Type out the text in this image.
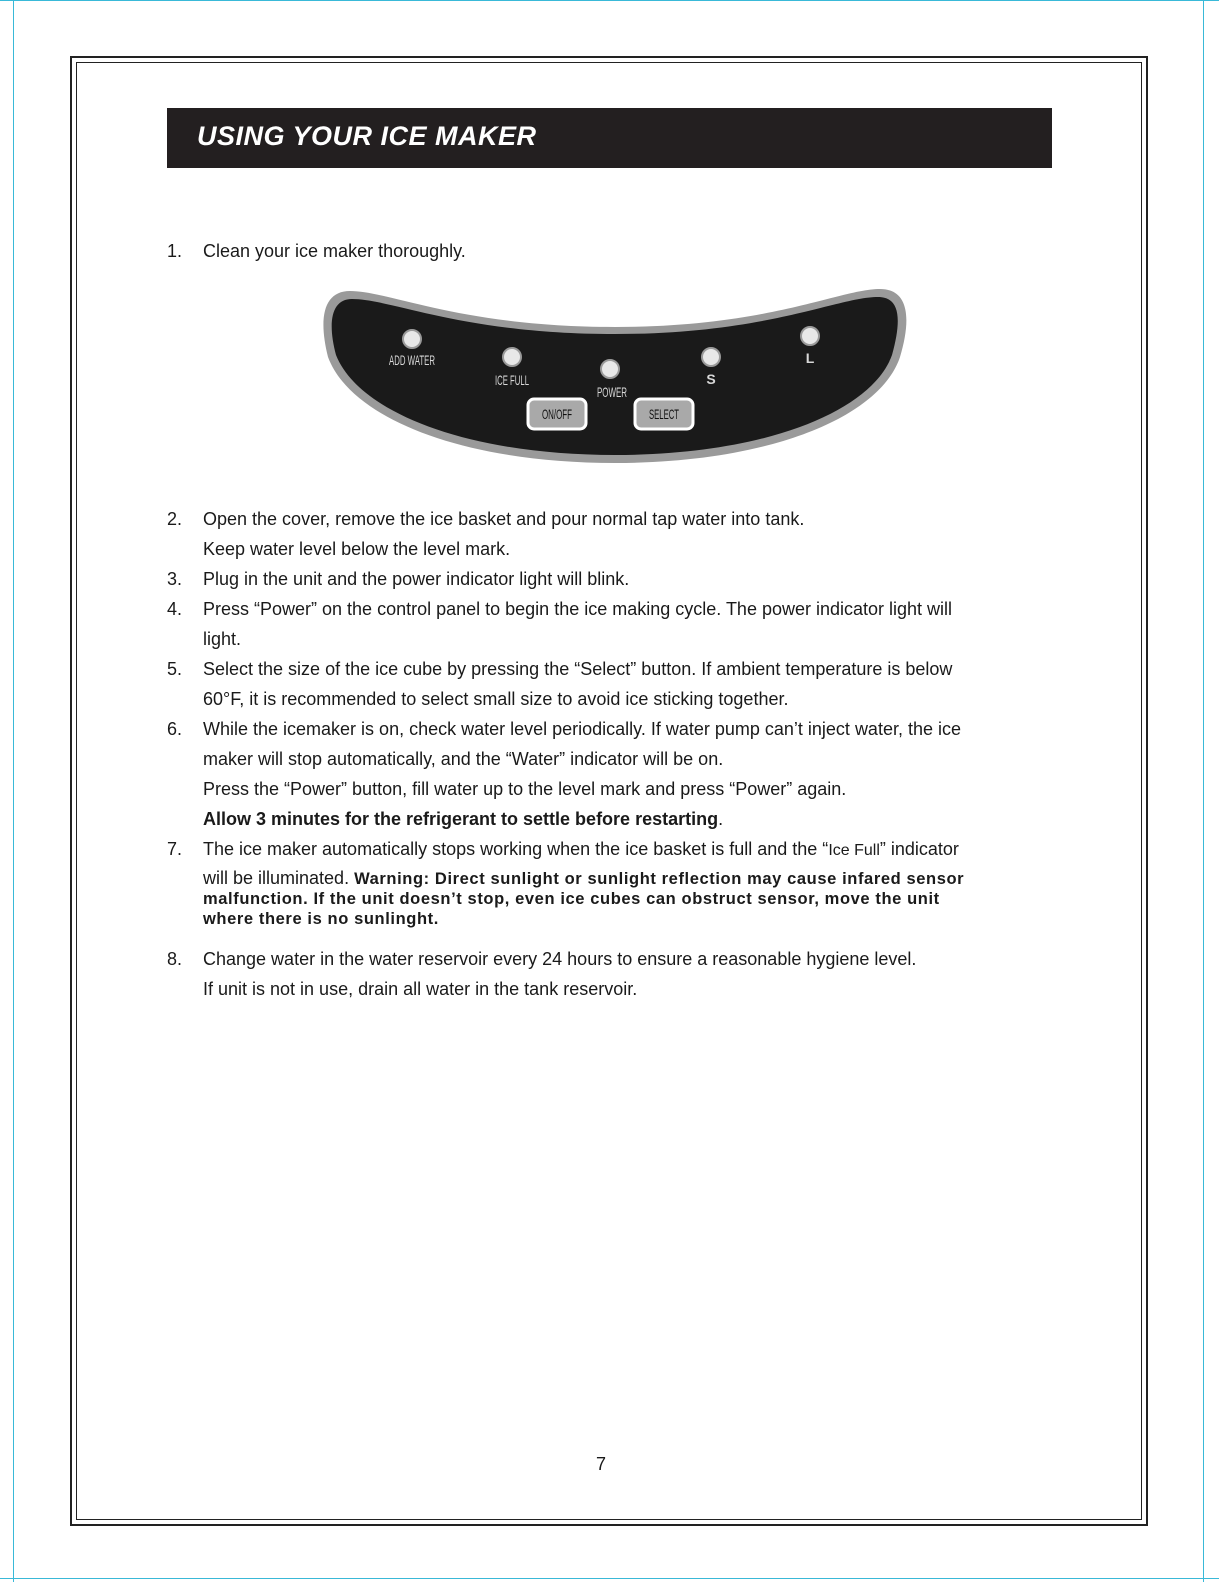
USING YOUR ICE MAKER
1.	Clean your ice maker thoroughly.
ADD WATER
ICE FULL
POWER
S
L
ON/OFF	SELECT
2.	Open the cover, remove the ice basket and pour normal tap water into tank.
Keep water level below the level mark.
3.	Plug in the unit and the power indicator light will blink.
4.	Press “Power” on the control panel to begin the ice making cycle. The power indicator light will
light.
5.	Select the size of the ice cube by pressing the “Select” button. If ambient temperature is below
60°F, it is recommended to select small size to avoid ice sticking together.
6.	While the icemaker is on, check water level periodically. If water pump can’t inject water, the ice
maker will stop automatically, and the “Water” indicator will be on.
Press the “Power” button, fill water up to the level mark and press “Power” again.
Allow 3 minutes for the refrigerant to settle before restarting.
7.	The ice maker automatically stops working when the ice basket is full and the “Ice Full” indicator
will be illuminated. Warning: Direct sunlight or sunlight reflection may cause infared sensor
malfunction. If the unit doesn’t stop, even ice cubes can obstruct sensor, move the unit
where there is no sunlinght.
8.	Change water in the water reservoir every 24 hours to ensure a reasonable hygiene level.
If unit is not in use, drain all water in the tank reservoir.
7
